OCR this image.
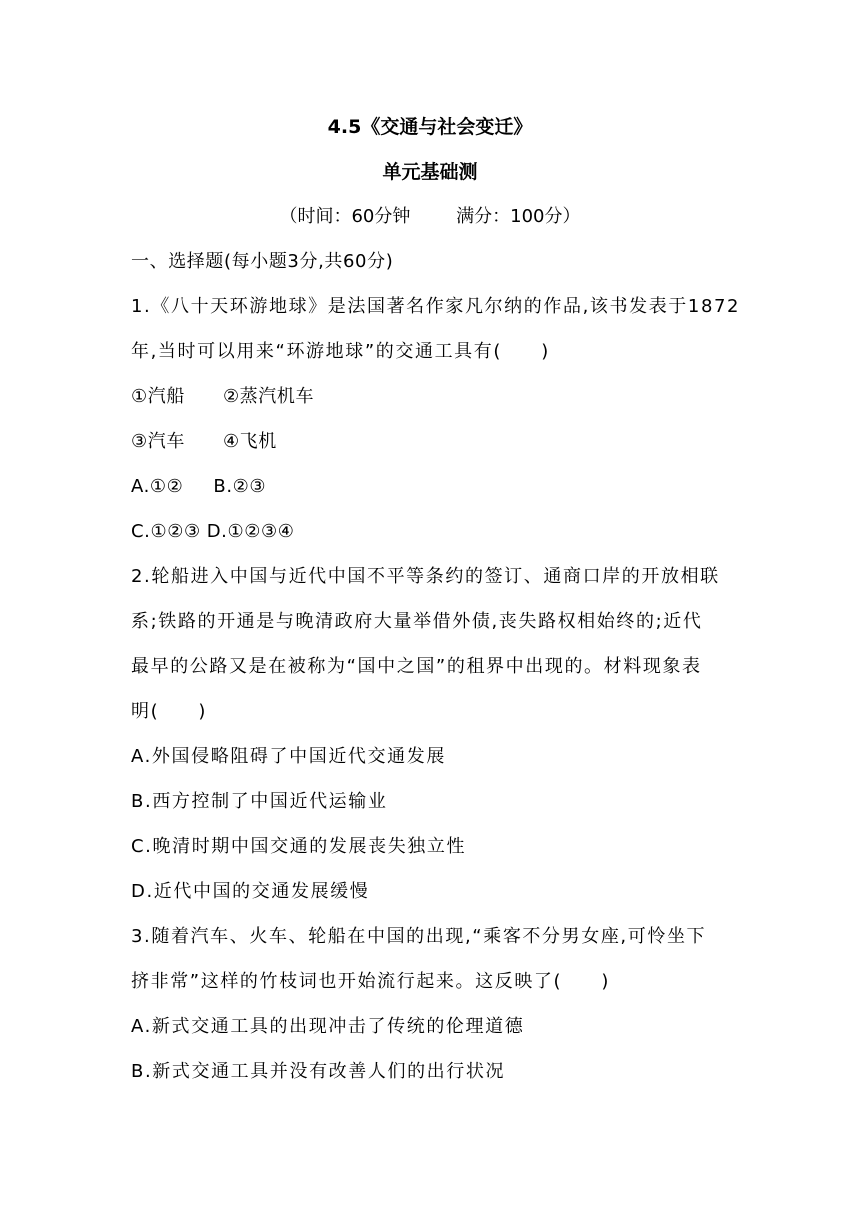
4.5《交通与社会变迁》
单元基础测
（时间：60分钟        满分：100分）
一、选择题(每小题3分,共60分)
1.《八十天环游地球》是法国著名作家凡尔纳的作品,该书发表于1872
年,当时可以用来“环游地球”的交通工具有(　　)
①汽船 ②蒸汽机车
③汽车 ④飞机
A.①② B.②③
C.①②③ D.①②③④
2.轮船进入中国与近代中国不平等条约的签订、通商口岸的开放相联
系;铁路的开通是与晚清政府大量举借外债,丧失路权相始终的;近代
最早的公路又是在被称为“国中之国”的租界中出现的。材料现象表
明(　　)
A.外国侵略阻碍了中国近代交通发展
B.西方控制了中国近代运输业
C.晚清时期中国交通的发展丧失独立性
D.近代中国的交通发展缓慢
3.随着汽车、火车、轮船在中国的出现,“乘客不分男女座,可怜坐下
挤非常”这样的竹枝词也开始流行起来。这反映了(　　)
A.新式交通工具的出现冲击了传统的伦理道德
B.新式交通工具并没有改善人们的出行状况
